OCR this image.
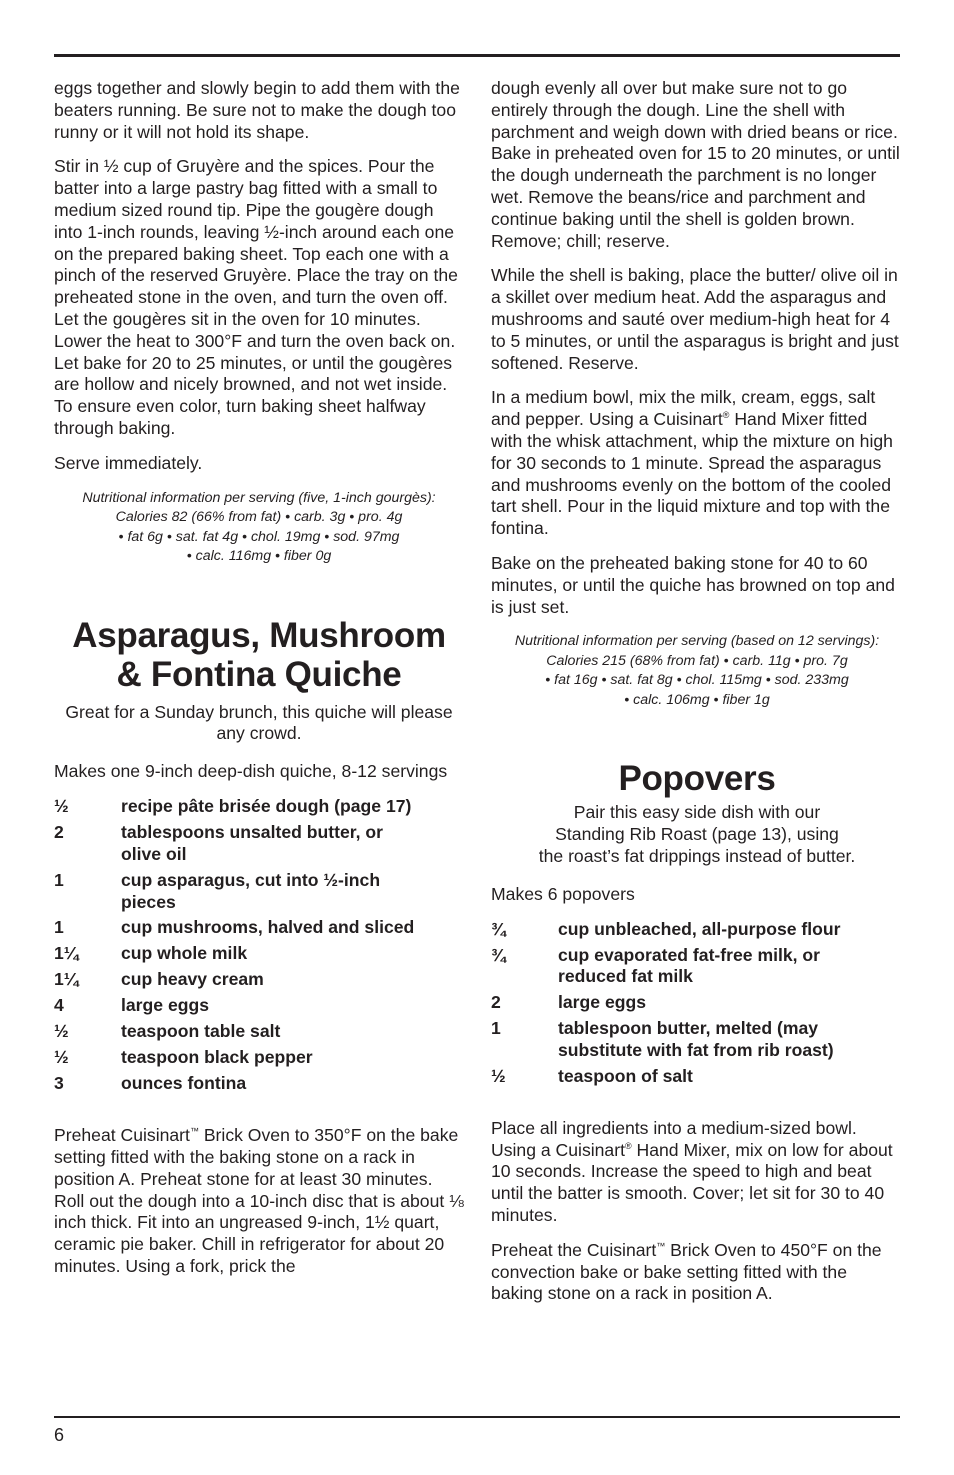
eggs together and slowly begin to add them with the beaters running. Be sure not to make the dough too runny or it will not hold its shape.

Stir in ½ cup of Gruyère and the spices. Pour the batter into a large pastry bag fitted with a small to medium sized round tip. Pipe the gougère dough into 1-inch rounds, leaving ½-inch around each one on the prepared baking sheet. Top each one with a pinch of the reserved Gruyère. Place the tray on the preheated stone in the oven, and turn the oven off. Let the gougères sit in the oven for 10 minutes. Lower the heat to 300°F and turn the oven back on. Let bake for 20 to 25 minutes, or until the gougères are hollow and nicely browned, and not wet inside. To ensure even color, turn baking sheet halfway through baking.

Serve immediately.

Nutritional information per serving (five, 1-inch gourgès):
Calories 82 (66% from fat) • carb. 3g • pro. 4g
• fat 6g • sat. fat 4g • chol. 19mg • sod. 97mg
• calc. 116mg • fiber 0g

Asparagus, Mushroom
& Fontina Quiche

Great for a Sunday brunch, this quiche will please any crowd.

Makes one 9-inch deep-dish quiche, 8-12 servings

½	recipe pâte brisée dough (page 17)
2	tablespoons unsalted butter, or olive oil
1	cup asparagus, cut into ½-inch pieces
1	cup mushrooms, halved and sliced
1¼	cup whole milk
1¼	cup heavy cream
4	large eggs
½	teaspoon table salt
½	teaspoon black pepper
3	ounces fontina

Preheat Cuisinart™ Brick Oven to 350°F on the bake setting fitted with the baking stone on a rack in position A. Preheat stone for at least 30 minutes. Roll out the dough into a 10-inch disc that is about ⅛ inch thick. Fit into an ungreased 9-inch, 1½ quart, ceramic pie baker. Chill in refrigerator for about 20 minutes. Using a fork, prick the

dough evenly all over but make sure not to go entirely through the dough. Line the shell with parchment and weigh down with dried beans or rice. Bake in preheated oven for 15 to 20 minutes, or until the dough underneath the parchment is no longer wet. Remove the beans/rice and parchment and continue baking until the shell is golden brown. Remove; chill; reserve.

While the shell is baking, place the butter/ olive oil in a skillet over medium heat. Add the asparagus and mushrooms and sauté over medium-high heat for 4 to 5 minutes, or until the asparagus is bright and just softened. Reserve.

In a medium bowl, mix the milk, cream, eggs, salt and pepper. Using a Cuisinart® Hand Mixer fitted with the whisk attachment, whip the mixture on high for 30 seconds to 1 minute. Spread the asparagus and mushrooms evenly on the bottom of the cooled tart shell. Pour in the liquid mixture and top with the fontina.

Bake on the preheated baking stone for 40 to 60 minutes, or until the quiche has browned on top and is just set.

Nutritional information per serving (based on 12 servings):
Calories 215 (68% from fat) • carb. 11g • pro. 7g
• fat 16g • sat. fat 8g • chol. 115mg • sod. 233mg
• calc. 106mg • fiber 1g

Popovers

Pair this easy side dish with our
Standing Rib Roast (page 13), using
the roast’s fat drippings instead of butter.

Makes 6 popovers

¾	cup unbleached, all-purpose flour
¾	cup evaporated fat-free milk, or reduced fat milk
2	large eggs
1	tablespoon butter, melted (may substitute with fat from rib roast)
½	teaspoon of salt

Place all ingredients into a medium-sized bowl. Using a Cuisinart® Hand Mixer, mix on low for about 10 seconds. Increase the speed to high and beat until the batter is smooth. Cover; let sit for 30 to 40 minutes.

Preheat the Cuisinart™ Brick Oven to 450°F on the convection bake or bake setting fitted with the baking stone on a rack in position A.

6
